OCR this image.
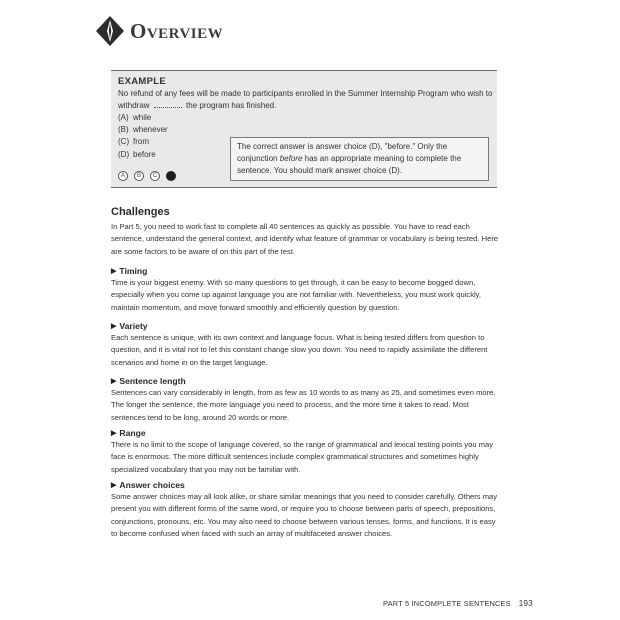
Overview
EXAMPLE
No refund of any fees will be made to participants enrolled in the Summer Internship Program who wish to withdraw	the program has finished.
(A) while
(B) whenever
(C) from
(D) before
A	B	C
The correct answer is answer choice (D), "before." Only the conjunction before has an appropriate meaning to complete the sentence. You should mark answer choice (D).
Challenges
In Part 5, you need to work fast to complete all 40 sentences as quickly as possible. You have to read each sentence, understand the general context, and identify what feature of grammar or vocabulary is being tested. Here are some factors to be aware of on this part of the test.
▶ Timing
Time is your biggest enemy. With so many questions to get through, it can be easy to become bogged down, especially when you come up against language you are not familiar with. Nevertheless, you must work quickly, maintain momentum, and move forward smoothly and efficiently question by question.
▶ Variety
Each sentence is unique, with its own context and language focus. What is being tested differs from question to question, and it is vital not to let this constant change slow you down. You need to rapidly assimilate the different scenarios and home in on the target language.
▶ Sentence length
Sentences can vary considerably in length, from as few as 10 words to as many as 25, and sometimes even more. The longer the sentence, the more language you need to process, and the more time it takes to read. Most sentences tend to be long, around 20 words or more.
▶ Range
There is no limit to the scope of language covered, so the range of grammatical and lexical testing points you may face is enormous. The more difficult sentences include complex grammatical structures and sometimes highly specialized vocabulary that you may not be familiar with.
▶ Answer choices
Some answer choices may all look alike, or share similar meanings that you need to consider carefully. Others may present you with different forms of the same word, or require you to choose between parts of speech, prepositions, conjunctions, pronouns, etc. You may also need to choose between various tenses, forms, and functions. It is easy to become confused when faced with such an array of multifaceted answer choices.
PART 5 INCOMPLETE SENTENCES 193
